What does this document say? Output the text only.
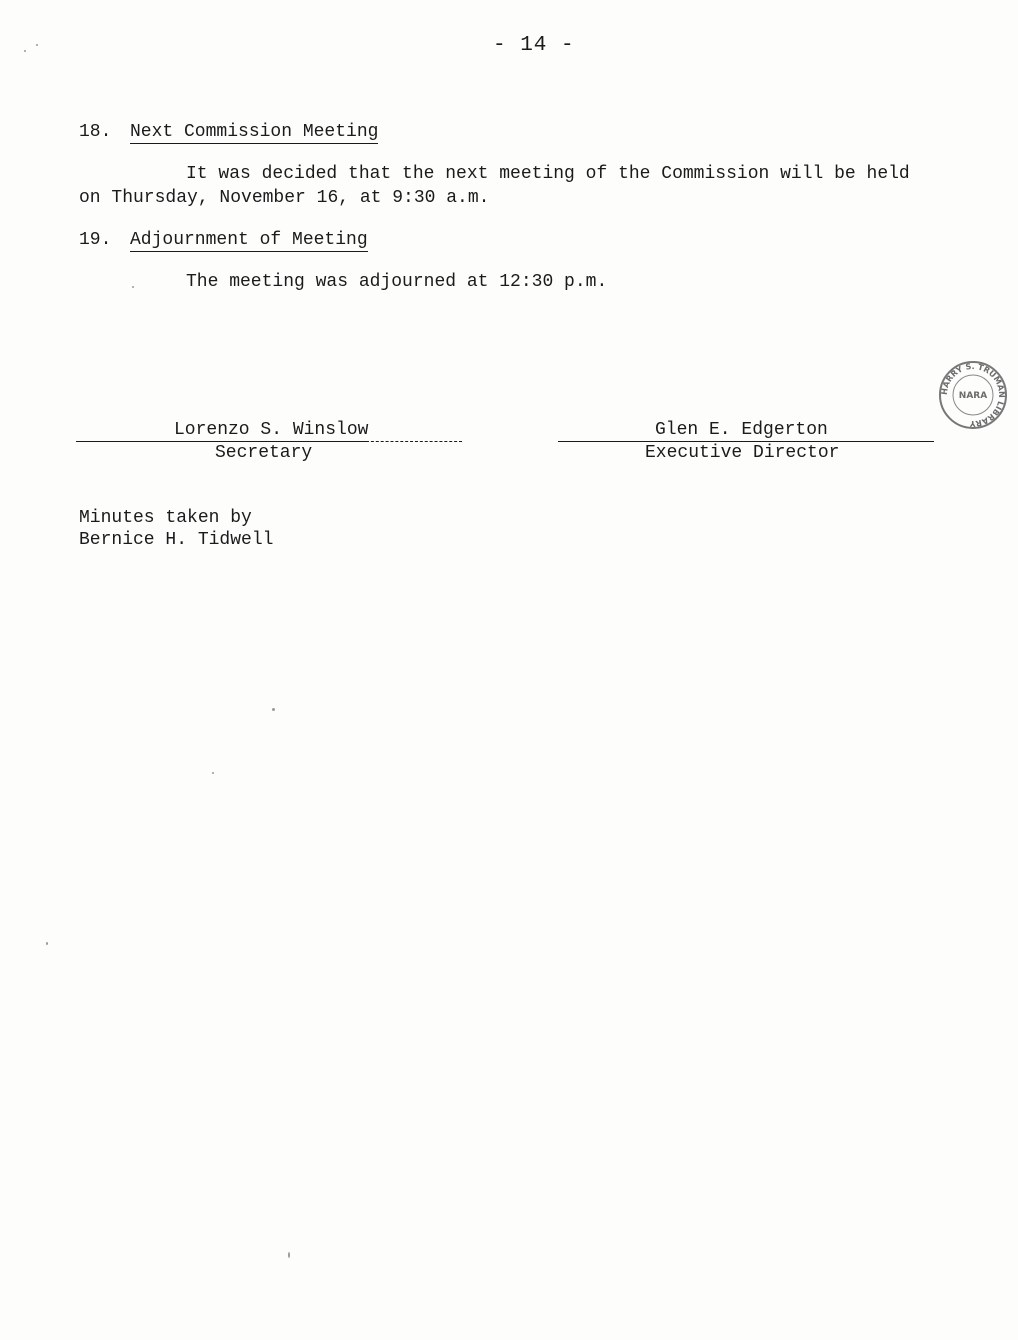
- 14 -
18. Next Commission Meeting
It was decided that the next meeting of the Commission will be held
on Thursday, November 16, at 9:30 a.m.
19. Adjournment of Meeting
The meeting was adjourned at 12:30 p.m.
HARRY S. TRUMAN LIBRARY
NARA
Lorenzo S. Winslow
Secretary
Glen E. Edgerton
Executive Director
Minutes taken by
Bernice H. Tidwell
